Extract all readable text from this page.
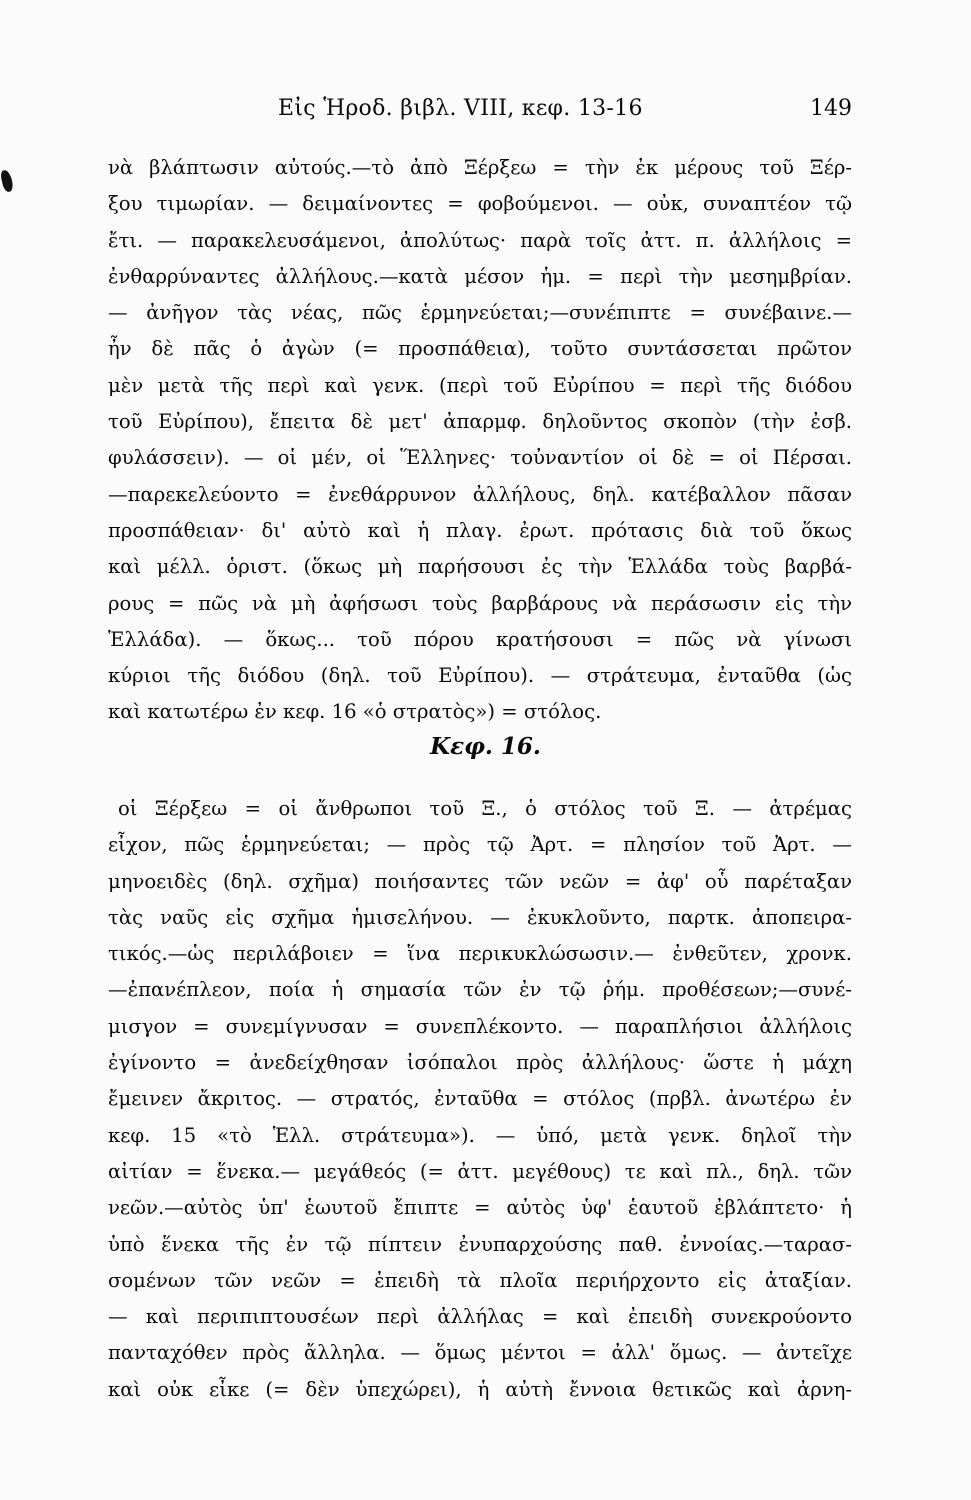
Εἰς Ἡροδ. βιβλ. VIII, κεφ. 13-16	149
νὰ βλάπτωσιν αὐτούς.—τὸ ἀπὸ Ξέρξεω = τὴν ἐκ μέρους τοῦ Ξέρ-
ξου τιμωρίαν. — δειμαίνοντες = φοβούμενοι. — οὐκ, συναπτέον τῷ
ἔτι. — παρακελευσάμενοι, ἀπολύτως· παρὰ τοῖς ἀττ. π. ἀλλήλοις =
ἐνθαρρύναντες ἀλλήλους.—κατὰ μέσον ἡμ. = περὶ τὴν μεσημβρίαν.
— ἀνῆγον τὰς νέας, πῶς ἑρμηνεύεται;—συνέπιπτε = συνέβαινε.—
ἦν δὲ πᾶς ὁ ἀγὼν (= προσπάθεια), τοῦτο συντάσσεται πρῶτον
μὲν μετὰ τῆς περὶ καὶ γενκ. (περὶ τοῦ Εὐρίπου = περὶ τῆς διόδου
τοῦ Εὐρίπου), ἔπειτα δὲ μετ' ἀπαρμφ. δηλοῦντος σκοπὸν (τὴν ἐσβ.
φυλάσσειν). — οἱ μέν, οἱ Ἕλληνες· τοὐναντίον οἱ δὲ = οἱ Πέρσαι.
—παρεκελεύοντο = ἐνεθάρρυνον ἀλλήλους, δηλ. κατέβαλλον πᾶσαν
προσπάθειαν· δι' αὐτὸ καὶ ἡ πλαγ. ἐρωτ. πρότασις διὰ τοῦ ὅκως
καὶ μέλλ. ὁριστ. (ὅκως μὴ παρήσουσι ἐς τὴν Ἑλλάδα τοὺς βαρβά-
ρους = πῶς νὰ μὴ ἀφήσωσι τοὺς βαρβάρους νὰ περάσωσιν εἰς τὴν
Ἑλλάδα). — ὅκως... τοῦ πόρου κρατήσουσι = πῶς νὰ γίνωσι
κύριοι τῆς διόδου (δηλ. τοῦ Εὐρίπου). — στράτευμα, ἐνταῦθα (ὡς
καὶ κατωτέρω ἐν κεφ. 16 «ὁ στρατὸς») = στόλος.
Κεφ. 16.
οἱ Ξέρξεω = οἱ ἄνθρωποι τοῦ Ξ., ὁ στόλος τοῦ Ξ. — ἀτρέμας
εἶχον, πῶς ἑρμηνεύεται; — πρὸς τῷ Ἀρτ. = πλησίον τοῦ Ἀρτ. —
μηνοειδὲς (δηλ. σχῆμα) ποιήσαντες τῶν νεῶν = ἀφ' οὗ παρέταξαν
τὰς ναῦς εἰς σχῆμα ἡμισελήνου. — ἐκυκλοῦντο, παρτκ. ἀποπειρα-
τικός.—ὡς περιλάβοιεν = ἵνα περικυκλώσωσιν.— ἐνθεῦτεν, χρονκ.
—ἐπανέπλεον, ποία ἡ σημασία τῶν ἐν τῷ ῥήμ. προθέσεων;—συνέ-
μισγον = συνεμίγνυσαν = συνεπλέκοντο. — παραπλήσιοι ἀλλήλοις
ἐγίνοντο = ἀνεδείχθησαν ἰσόπαλοι πρὸς ἀλλήλους· ὥστε ἡ μάχη
ἔμεινεν ἄκριτος. — στρατός, ἐνταῦθα = στόλος (πρβλ. ἀνωτέρω ἐν
κεφ. 15 «τὸ Ἑλλ. στράτευμα»). — ὑπό, μετὰ γενκ. δηλοῖ τὴν
αἰτίαν = ἕνεκα.— μεγάθεός (= ἀττ. μεγέθους) τε καὶ πλ., δηλ. τῶν
νεῶν.—αὐτὸς ὑπ' ἑωυτοῦ ἔπιπτε = αὐτὸς ὑφ' ἑαυτοῦ ἐβλάπτετο· ἡ
ὑπὸ ἕνεκα τῆς ἐν τῷ πίπτειν ἐνυπαρχούσης παθ. ἐννοίας.—ταρασ-
σομένων τῶν νεῶν = ἐπειδὴ τὰ πλοῖα περιήρχοντο εἰς ἀταξίαν.
— καὶ περιπιπτουσέων περὶ ἀλλήλας = καὶ ἐπειδὴ συνεκρούοντο
πανταχόθεν πρὸς ἄλληλα. — ὅμως μέντοι = ἀλλ' ὅμως. — ἀντεῖχε
καὶ οὐκ εἶκε (= δὲν ὑπεχώρει), ἡ αὐτὴ ἔννοια θετικῶς καὶ ἀρνη-
